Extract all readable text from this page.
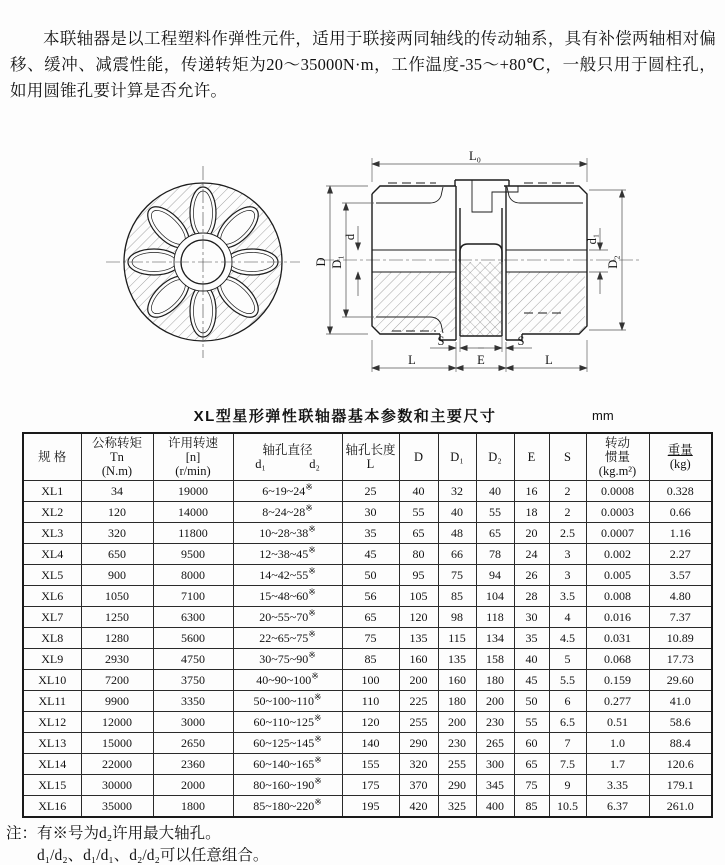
本联轴器是以工程塑料作弹性元件，适用于联接两同轴线的传动轴系，具有补偿两轴相对偏移、缓冲、减震性能，传递转矩为20～35000N·m，工作温度-35～+80℃，一般只用于圆柱孔，如用圆锥孔要计算是否允许。

L₀
D D₁
d	d₁
D₂
S	S
L	E	L
XL型星形弹性联轴器基本参数和主要尺寸	mm
规 格	公称转矩
Tn
(N.m)	许用转速
[n]
(r/min)	轴孔直径
d₁ d₂	轴孔长度
L	D	D₁	D₂	E	S	转动
惯量
(kg.m²)	重量
(kg)

XL1	34	19000	6~19~24※	25	40	32	40	16	2	0.0008	0.328
XL2	120	14000	8~24~28※	30	55	40	55	18	2	0.0003	0.66
XL3	320	11800	10~28~38※	35	65	48	65	20	2.5	0.0007	1.16
XL4	650	9500	12~38~45※	45	80	66	78	24	3	0.002	2.27
XL5	900	8000	14~42~55※	50	95	75	94	26	3	0.005	3.57
XL6	1050	7100	15~48~60※	56	105	85	104	28	3.5	0.008	4.80
XL7	1250	6300	20~55~70※	65	120	98	118	30	4	0.016	7.37
XL8	1280	5600	22~65~75※	75	135	115	134	35	4.5	0.031	10.89
XL9	2930	4750	30~75~90※	85	160	135	158	40	5	0.068	17.73
XL10	7200	3750	40~90~100※	100	200	160	180	45	5.5	0.159	29.60
XL11	9900	3350	50~100~110※	110	225	180	200	50	6	0.277	41.0
XL12	12000	3000	60~110~125※	120	255	200	230	55	6.5	0.51	58.6
XL13	15000	2650	60~125~145※	140	290	230	265	60	7	1.0	88.4
XL14	22000	2360	60~140~165※	155	320	255	300	65	7.5	1.7	120.6
XL15	30000	2000	80~160~190※	175	370	290	345	75	9	3.35	179.1
XL16	35000	1800	85~180~220※	195	420	325	400	85	10.5	6.37	261.0
注：有※号为d₂许用最大轴孔。
d₁/d₂、d₁/d₁、d₂/d₂可以任意组合。
